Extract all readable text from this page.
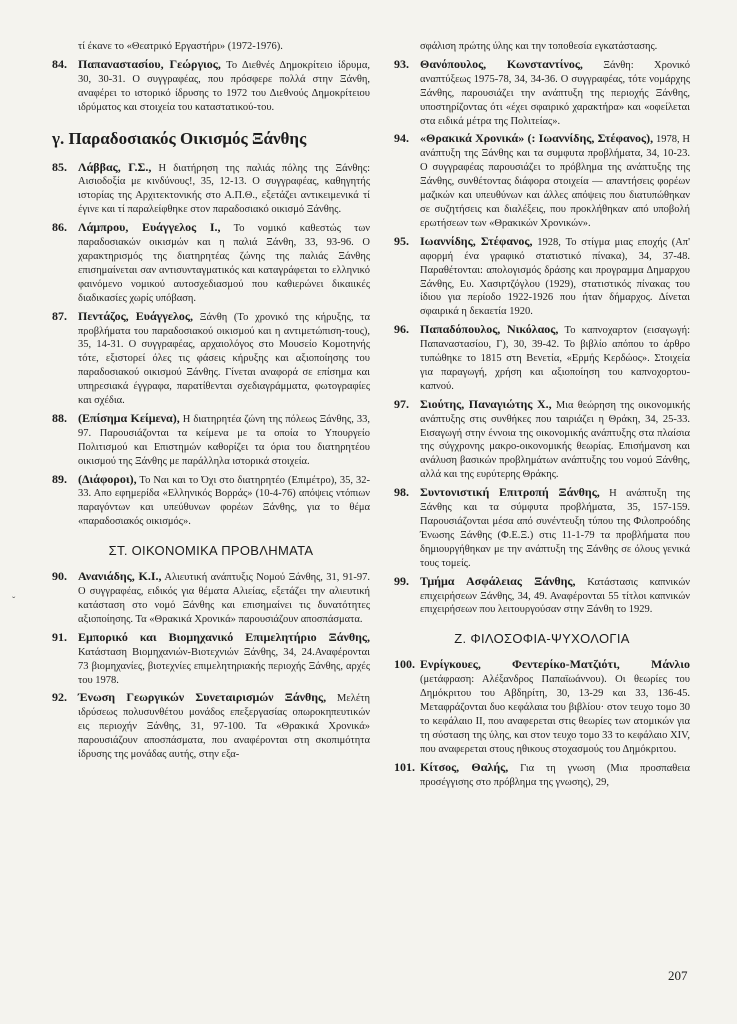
τί έκανε το «Θεατρικό Εργαστήρι» (1972-1976).
84. Παπαναστασίου, Γεώργιος, Το Διεθνές Δημοκρίτειο ίδρυμα, 30, 30-31. Ο συγγραφέας, που πρόσφερε πολλά στην Ξάνθη, αναφέρει το ιστορικό ίδρυσης το 1972 του Διεθνούς Δημοκρίτειου ιδρύματος και στοιχεία του καταστατικού-του.
γ. Παραδοσιακός Οικισμός Ξάνθης
85. Λάββας, Γ.Σ., Η διατήρηση της παλιάς πόλης της Ξάνθης: Αισιοδοξία με κινδύνους!, 35, 12-13. Ο συγγραφέας, καθηγητής ιστορίας της Αρχιτεκτονικής στο Α.Π.Θ., εξετάζει αντικειμενικά τί έγινε και τί παραλείφθηκε στον παραδοσιακό οικισμό Ξάνθης.
86. Λάμπρου, Ευάγγελος Ι., Το νομικό καθεστώς των παραδοσιακών οικισμών και η παλιά Ξάνθη, 33, 93-96. Ο χαρακτηρισμός της διατηρητέας ζώνης της παλιάς Ξάνθης επισημαίνεται σαν αντισυνταγματικός και καταγράφεται το ελληνικό φαινόμενο νομικού αυτοσχεδιασμού που καθιερώνει δικαιικές διαδικασίες χωρίς υπόβαση.
87. Πεντάζος, Ευάγγελος, Ξάνθη (Το χρονικό της κήρυξης, τα προβλήματα του παραδοσιακού οικισμού και η αντιμετώπιση-τους), 35, 14-31. Ο συγγραφέας, αρχαιολόγος στο Μουσείο Κομοτηνής τότε, εξιστορεί όλες τις φάσεις κήρυξης και αξιοποίησης του παραδοσιακού οικισμού Ξάνθης. Γίνεται αναφορά σε επίσημα και υπηρεσιακά έγγραφα, παρατίθενται σχεδιαγράμματα, φωτογραφίες και σχέδια.
88. (Επίσημα Κείμενα), Η διατηρητέα ζώνη της πόλεως Ξάνθης, 33, 97. Παρουσιάζονται τα κείμενα με τα οποία το Υπουργείο Πολιτισμού και Επιστημών καθορίζει τα όρια του διατηρητέου οικισμού της Ξάνθης με παράλληλα ιστορικά στοιχεία.
89. (Διάφοροι), Το Ναι και το Όχι στο διατηρητέο (Επιμέτρο), 35, 32-33. Απο εφημερίδα «Ελληνικός Βορράς» (10-4-76) απόψεις ντόπιων παραγόντων και υπεύθυνων φορέων Ξάνθης, για το θέμα «παραδοσιακός οικισμός».
ΣΤ. ΟΙΚΟΝΟΜΙΚΑ ΠΡΟΒΛΗΜΑΤΑ
90. Ανανιάδης, Κ.Ι., Αλιευτική ανάπτυξις Νομού Ξάνθης, 31, 91-97. Ο συγγραφέας, ειδικός για θέματα Αλιείας, εξετάζει την αλιευτική κατάσταση στο νομό Ξάνθης και επισημαίνει τις δυνατότητες αξιοποίησης. Τα «Θρακικά Χρονικά» παρουσιάζουν αποσπάσματα.
91. Εμπορικό και Βιομηχανικό Επιμελητήριο Ξάνθης, Κατάσταση Βιομηχανιών-Βιοτεχνιών Ξάνθης, 34, 24.Αναφέρονται 73 βιομηχανίες, βιοτεχνίες επιμελητηριακής περιοχής Ξάνθης, αρχές του 1978.
92. Ένωση Γεωργικών Συνεταιρισμών Ξάνθης, Μελέτη ιδρύσεως πολυσυνθέτου μονάδος επεξεργασίας οπωροκηπευτικών εις περιοχήν Ξάνθης, 31, 97-100. Τα «Θρακικά Χρονικά» παρουσιάζουν αποσπάσματα, που αναφέρονται στη σκοπιμότητα ίδρυσης της μονάδας αυτής, στην εξα-
σφάλιση πρώτης ύλης και την τοποθεσία εγκατάστασης.
93. Θανόπουλος, Κωνσταντίνος, Ξάνθη: Χρονικό αναπτύξεως 1975-78, 34, 34-36. Ο συγγραφέας, τότε νομάρχης Ξάνθης, παρουσιάζει την ανάπτυξη της περιοχής Ξάνθης, υποστηρίζοντας ότι «έχει σφαιρικό χαρακτήρα» και «οφείλεται στα ειδικά μέτρα της Πολιτείας».
94. «Θρακικά Χρονικά» (: Ιωαννίδης, Στέφανος), 1978, Η ανάπτυξη της Ξάνθης και τα συμφυτα προβλήματα, 34, 10-23. Ο συγγραφέας παρουσιάζει το πρόβλημα της ανάπτυξης της Ξάνθης, συνθέτοντας διάφορα στοιχεία — απαντήσεις φορέων μαζικών και υπευθύνων και άλλες απόψεις που διατυπώθηκαν σε συζητήσεις και διαλέξεις, που προκλήθηκαν από υποβολή ερωτήσεων των «Θρακικών Χρονικών».
95. Ιωαννίδης, Στέφανος, 1928, Το στίγμα μιας εποχής (Απ' αφορμή ένα γραφικό στατιστικό πίνακα), 34, 37-48. Παραθέτονται: απολογισμός δράσης και προγραμμα Δημαρχου Ξάνθης, Ευ. Χασιρτζόγλου (1929), στατιστικός πίνακας του ίδιου για περίοδο 1922-1926 που ήταν δήμαρχος. Δίνεται σφαιρικά η δεκαετία 1920.
96. Παπαδόπουλος, Νικόλαος, Το καπνοχαρτον (εισαγωγή: Παπαναστασίου, Γ), 30, 39-42. Το βιβλίο απόπου το άρθρο τυπώθηκε το 1815 στη Βενετία, «Ερμής Κερδώος». Στοιχεία για παραγωγή, χρήση και αξιοποίηση του καπνοχορτου-καπνού.
97. Σιούτης, Παναγιώτης Χ., Μια θεώρηση της οικονομικής ανάπτυξης στις συνθήκες που ταιριάζει η Θράκη, 34, 25-33. Εισαγωγή στην έννοια της οικονομικής ανάπτυξης στα πλαίσια της σύγχρονης μακρο-οικονομικής θεωρίας. Επισήμανση και ανάλυση βασικών προβλημάτων ανάπτυξης του νομού Ξάνθης, αλλά και της ευρύτερης Θράκης.
98. Συντονιστική Επιτροπή Ξάνθης, Η ανάπτυξη της Ξάνθης και τα σύμφυτα προβλήματα, 35, 157-159. Παρουσιάζονται μέσα από συνέντευξη τύπου της Φιλοπροόδης Ένωσης Ξάνθης (Φ.Ε.Ξ.) στις 11-1-79 τα προβλήματα που δημιουργήθηκαν με την ανάπτυξη της Ξάνθης σε όλους γενικά τους τομείς.
99. Τμήμα Ασφάλειας Ξάνθης, Κατάστασις καπνικών επιχειρήσεων Ξάνθης, 34, 49. Αναφέρονται 55 τίτλοι καπνικών επιχειρήσεων που λειτουργούσαν στην Ξάνθη το 1929.
Ζ. ΦΙΛΟΣΟΦΙΑ-ΨΥΧΟΛΟΓΙΑ
100. Ενρίγκουες, Φεντερίκο-Ματζιότι, Μάνλιο (μετάφραση: Αλέξανδρος Παπαϊωάννου). Οι θεωρίες του Δημόκριτου του Αβδηρίτη, 30, 13-29 και 33, 136-45. Μεταφράζονται δυο κεφάλαια του βιβλίου· στον τευχο τομο 30 το κεφάλαιο ΙΙ, που αναφερεται στις θεωρίες των ατομικών για τη σύσταση της ύλης, και στον τευχο τομο 33 το κεφάλαιο XIV, που αναφερεται στους ηθικους στοχασμούς του Δημόκριτου.
101. Κίτσος, Θαλής, Για τη γνωση (Μια προσπαθεια προσέγγισης στο πρόβλημα της γνωσης), 29,
ˇ
207
